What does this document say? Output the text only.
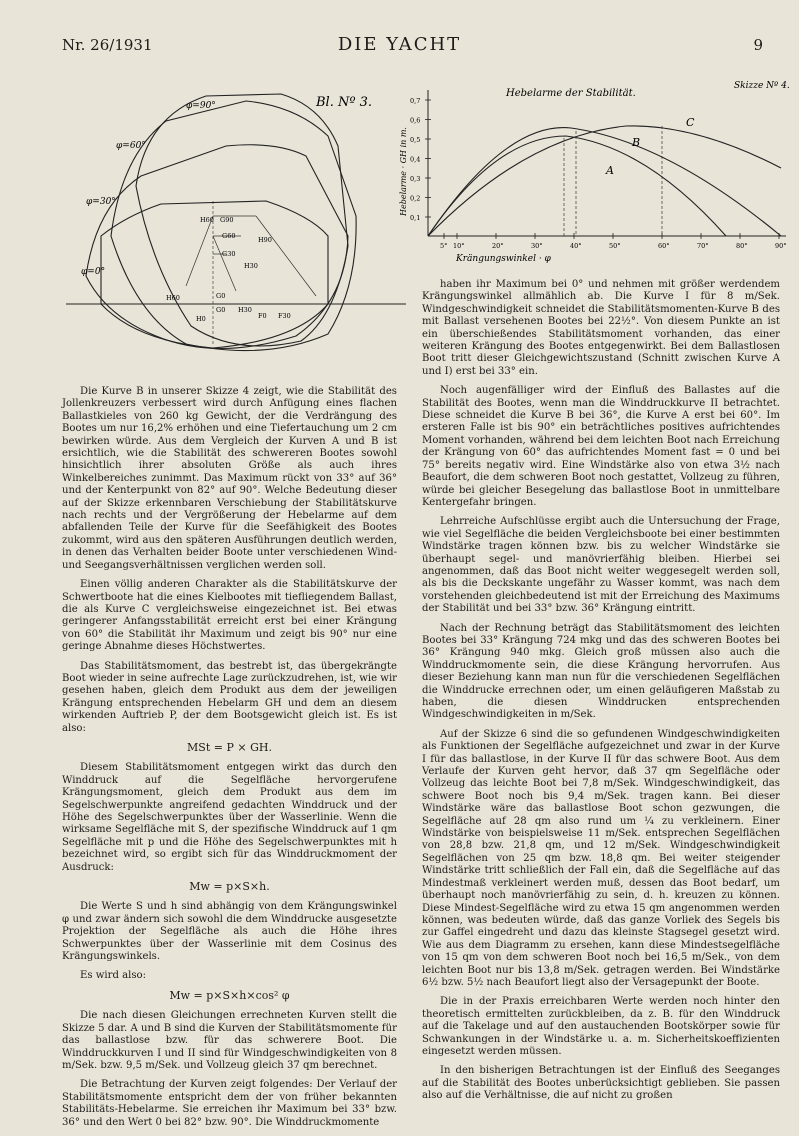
Nr. 26/1931	DIE YACHT	9
Bl. Nº 3.
φ=90°
φ=60°
φ=30°
φ=0°
H60 G90
H90
G60
G30
H30
G0
H0
H60
G0 H30
F0 F30
Hebelarme der Stabilität.
Skizze Nº 4.
Hebelarme · GH in m.
Krängungswinkel · φ
0,7
0,6
0,5
0,4
0,3
0,2
0,1
5° 10°	20°	30°	40°	50°	60°	70°	80°	90°
A
B
C

Die Kurve B in unserer Skizze 4 zeigt, wie die Stabilität des Jollenkreuzers verbessert wird durch Anfügung eines flachen Ballastkieles von 260 kg Gewicht, der die Verdrängung des Bootes um nur 16,2% erhöhen und eine Tiefertauchung um 2 cm bewirken würde. Aus dem Vergleich der Kurven A und B ist ersichtlich, wie die Stabilität des schwereren Bootes sowohl hinsichtlich ihrer absoluten Größe als auch ihres Winkelbereiches zunimmt. Das Maximum rückt von 33° auf 36° und der Kenterpunkt von 82° auf 90°. Welche Bedeutung dieser auf der Skizze erkennbaren Verschiebung der Stabilitätskurve nach rechts und der Vergrößerung der Hebelarme auf dem abfallenden Teile der Kurve für die Seefähigkeit des Bootes zukommt, wird aus den späteren Ausführungen deutlich werden, in denen das Verhalten beider Boote unter verschiedenen Wind- und Seegangsverhältnissen verglichen werden soll.

Einen völlig anderen Charakter als die Stabilitätskurve der Schwertboote hat die eines Kielbootes mit tiefliegendem Ballast, die als Kurve C vergleichsweise eingezeichnet ist. Bei etwas geringerer Anfangsstabilität erreicht erst bei einer Krängung von 60° die Stabilität ihr Maximum und zeigt bis 90° nur eine geringe Abnahme dieses Höchstwertes.

Das Stabilitätsmoment, das bestrebt ist, das übergekrängte Boot wieder in seine aufrechte Lage zurückzudrehen, ist, wie wir gesehen haben, gleich dem Produkt aus dem der jeweiligen Krängung entsprechenden Hebelarm GH und dem an diesem wirkenden Auftrieb P, der dem Bootsgewicht gleich ist. Es ist also:

MSt = P × GH.

Diesem Stabilitätsmoment entgegen wirkt das durch den Winddruck auf die Segelfläche hervorgerufene Krängungsmoment, gleich dem Produkt aus dem im Segelschwerpunkte angreifend gedachten Winddruck und der Höhe des Segelschwerpunktes über der Wasserlinie. Wenn die wirksame Segelfläche mit S, der spezifische Winddruck auf 1 qm Segelfläche mit p und die Höhe des Segelschwerpunktes mit h bezeichnet wird, so ergibt sich für das Winddruckmoment der Ausdruck:

Mw = p×S×h.

Die Werte S und h sind abhängig von dem Krängungswinkel φ und zwar ändern sich sowohl die dem Winddrucke ausgesetzte Projektion der Segelfläche als auch die Höhe ihres Schwerpunktes über der Wasserlinie mit dem Cosinus des Krängungswinkels.

Es wird also:

Mw = p×S×h×cos² φ

Die nach diesen Gleichungen errechneten Kurven stellt die Skizze 5 dar. A und B sind die Kurven der Stabilitätsmomente für das ballastlose bzw. für das schwerere Boot. Die Winddruckkurven I und II sind für Windgeschwindigkeiten von 8 m/Sek. bzw. 9,5 m/Sek. und Vollzeug gleich 37 qm berechnet.

Die Betrachtung der Kurven zeigt folgendes: Der Verlauf der Stabilitätsmomente entspricht dem der von früher bekannten Stabilitäts-Hebelarme. Sie erreichen ihr Maximum bei 33° bzw. 36° und den Wert 0 bei 82° bzw. 90°. Die Winddruckmomente

haben ihr Maximum bei 0° und nehmen mit größer werdendem Krängungswinkel allmählich ab. Die Kurve I für 8 m/Sek. Windgeschwindigkeit schneidet die Stabilitätsmomenten-Kurve B des mit Ballast versehenen Bootes bei 22½°. Von diesem Punkte an ist ein überschießendes Stabilitätsmoment vorhanden, das einer weiteren Krängung des Bootes entgegenwirkt. Bei dem Ballastlosen Boot tritt dieser Gleichgewichtszustand (Schnitt zwischen Kurve A und I) erst bei 33° ein.

Noch augenfälliger wird der Einfluß des Ballastes auf die Stabilität des Bootes, wenn man die Winddruckkurve II betrachtet. Diese schneidet die Kurve B bei 36°, die Kurve A erst bei 60°. Im ersteren Falle ist bis 90° ein beträchtliches positives aufrichtendes Moment vorhanden, während bei dem leichten Boot nach Erreichung der Krängung von 60° das aufrichtendes Moment fast = 0 und bei 75° bereits negativ wird. Eine Windstärke also von etwa 3½ nach Beaufort, die dem schweren Boot noch gestattet, Vollzeug zu führen, würde bei gleicher Besegelung das ballastlose Boot in unmittelbare Kentergefahr bringen.

Lehrreiche Aufschlüsse ergibt auch die Untersuchung der Frage, wie viel Segelfläche die beiden Vergleichsboote bei einer bestimmten Windstärke tragen können bzw. bis zu welcher Windstärke sie überhaupt segel- und manövrierfähig bleiben. Hierbei sei angenommen, daß das Boot nicht weiter weggesegelt werden soll, als bis die Deckskante ungefähr zu Wasser kommt, was nach dem vorstehenden gleichbedeutend ist mit der Erreichung des Maximums der Stabilität und bei 33° bzw. 36° Krängung eintritt.

Nach der Rechnung beträgt das Stabilitätsmoment des leichten Bootes bei 33° Krängung 724 mkg und das des schweren Bootes bei 36° Krängung 940 mkg. Gleich groß müssen also auch die Winddruckmomente sein, die diese Krängung hervorrufen. Aus dieser Beziehung kann man nun für die verschiedenen Segelflächen die Winddrucke errechnen oder, um einen geläufigeren Maßstab zu haben, die diesen Winddrucken entsprechenden Windgeschwindigkeiten in m/Sek.

Auf der Skizze 6 sind die so gefundenen Windgeschwindigkeiten als Funktionen der Segelfläche aufgezeichnet und zwar in der Kurve I für das ballastlose, in der Kurve II für das schwere Boot. Aus dem Verlaufe der Kurven geht hervor, daß 37 qm Segelfläche oder Vollzeug das leichte Boot bei 7,8 m/Sek. Windgeschwindigkeit, das schwere Boot noch bis 9,4 m/Sek. tragen kann. Bei dieser Windstärke wäre das ballastlose Boot schon gezwungen, die Segelfläche auf 28 qm also rund um ¼ zu verkleinern. Einer Windstärke von beispielsweise 11 m/Sek. entsprechen Segelflächen von 28,8 bzw. 21,8 qm, und 12 m/Sek. Windgeschwindigkeit Segelflächen von 25 qm bzw. 18,8 qm. Bei weiter steigender Windstärke tritt schließlich der Fall ein, daß die Segelfläche auf das Mindestmaß verkleinert werden muß, dessen das Boot bedarf, um überhaupt noch manövrierfähig zu sein, d. h. kreuzen zu können. Diese Mindest-Segelfläche wird zu etwa 15 qm angenommen werden können, was bedeuten würde, daß das ganze Vorliek des Segels bis zur Gaffel eingedreht und dazu das kleinste Stagsegel gesetzt wird. Wie aus dem Diagramm zu ersehen, kann diese Mindestsegelfläche von 15 qm von dem schweren Boot noch bei 16,5 m/Sek., von dem leichten Boot nur bis 13,8 m/Sek. getragen werden. Bei Windstärke 6½ bzw. 5½ nach Beaufort liegt also der Versagepunkt der Boote.

Die in der Praxis erreichbaren Werte werden noch hinter den theoretisch ermittelten zurückbleiben, da z. B. für den Winddruck auf die Takelage und auf den austauchenden Bootskörper sowie für Schwankungen in der Windstärke u. a. m. Sicherheitskoeffizienten eingesetzt werden müssen.

In den bisherigen Betrachtungen ist der Einfluß des Seeganges auf die Stabilität des Bootes unberücksichtigt geblieben. Sie passen also auf die Verhältnisse, die auf nicht zu großen
